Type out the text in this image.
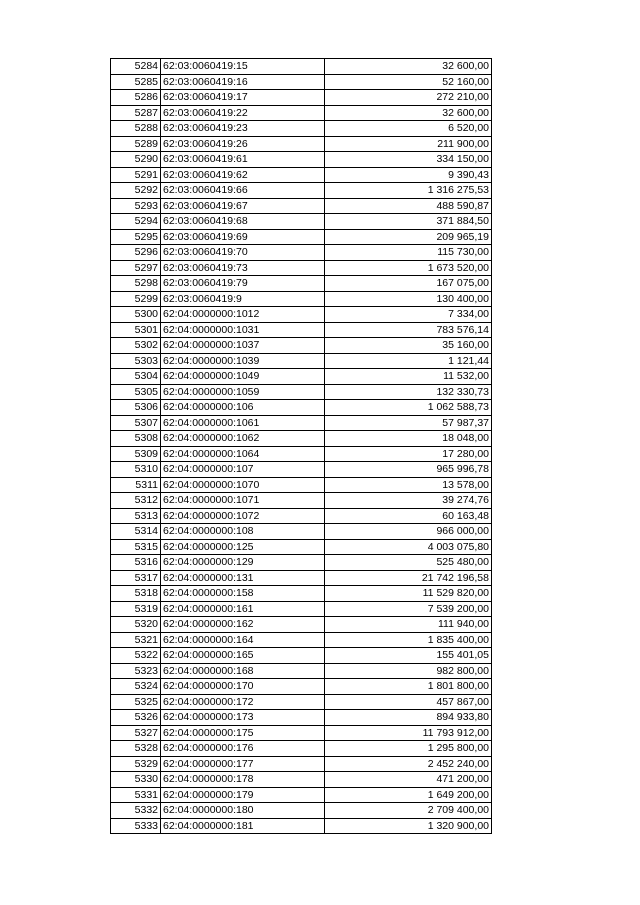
5284	62:03:0060419:15	32 600,00
5285	62:03:0060419:16	52 160,00
5286	62:03:0060419:17	272 210,00
5287	62:03:0060419:22	32 600,00
5288	62:03:0060419:23	6 520,00
5289	62:03:0060419:26	211 900,00
5290	62:03:0060419:61	334 150,00
5291	62:03:0060419:62	9 390,43
5292	62:03:0060419:66	1 316 275,53
5293	62:03:0060419:67	488 590,87
5294	62:03:0060419:68	371 884,50
5295	62:03:0060419:69	209 965,19
5296	62:03:0060419:70	115 730,00
5297	62:03:0060419:73	1 673 520,00
5298	62:03:0060419:79	167 075,00
5299	62:03:0060419:9	130 400,00
5300	62:04:0000000:1012	7 334,00
5301	62:04:0000000:1031	783 576,14
5302	62:04:0000000:1037	35 160,00
5303	62:04:0000000:1039	1 121,44
5304	62:04:0000000:1049	11 532,00
5305	62:04:0000000:1059	132 330,73
5306	62:04:0000000:106	1 062 588,73
5307	62:04:0000000:1061	57 987,37
5308	62:04:0000000:1062	18 048,00
5309	62:04:0000000:1064	17 280,00
5310	62:04:0000000:107	965 996,78
5311	62:04:0000000:1070	13 578,00
5312	62:04:0000000:1071	39 274,76
5313	62:04:0000000:1072	60 163,48
5314	62:04:0000000:108	966 000,00
5315	62:04:0000000:125	4 003 075,80
5316	62:04:0000000:129	525 480,00
5317	62:04:0000000:131	21 742 196,58
5318	62:04:0000000:158	11 529 820,00
5319	62:04:0000000:161	7 539 200,00
5320	62:04:0000000:162	111 940,00
5321	62:04:0000000:164	1 835 400,00
5322	62:04:0000000:165	155 401,05
5323	62:04:0000000:168	982 800,00
5324	62:04:0000000:170	1 801 800,00
5325	62:04:0000000:172	457 867,00
5326	62:04:0000000:173	894 933,80
5327	62:04:0000000:175	11 793 912,00
5328	62:04:0000000:176	1 295 800,00
5329	62:04:0000000:177	2 452 240,00
5330	62:04:0000000:178	471 200,00
5331	62:04:0000000:179	1 649 200,00
5332	62:04:0000000:180	2 709 400,00
5333	62:04:0000000:181	1 320 900,00
